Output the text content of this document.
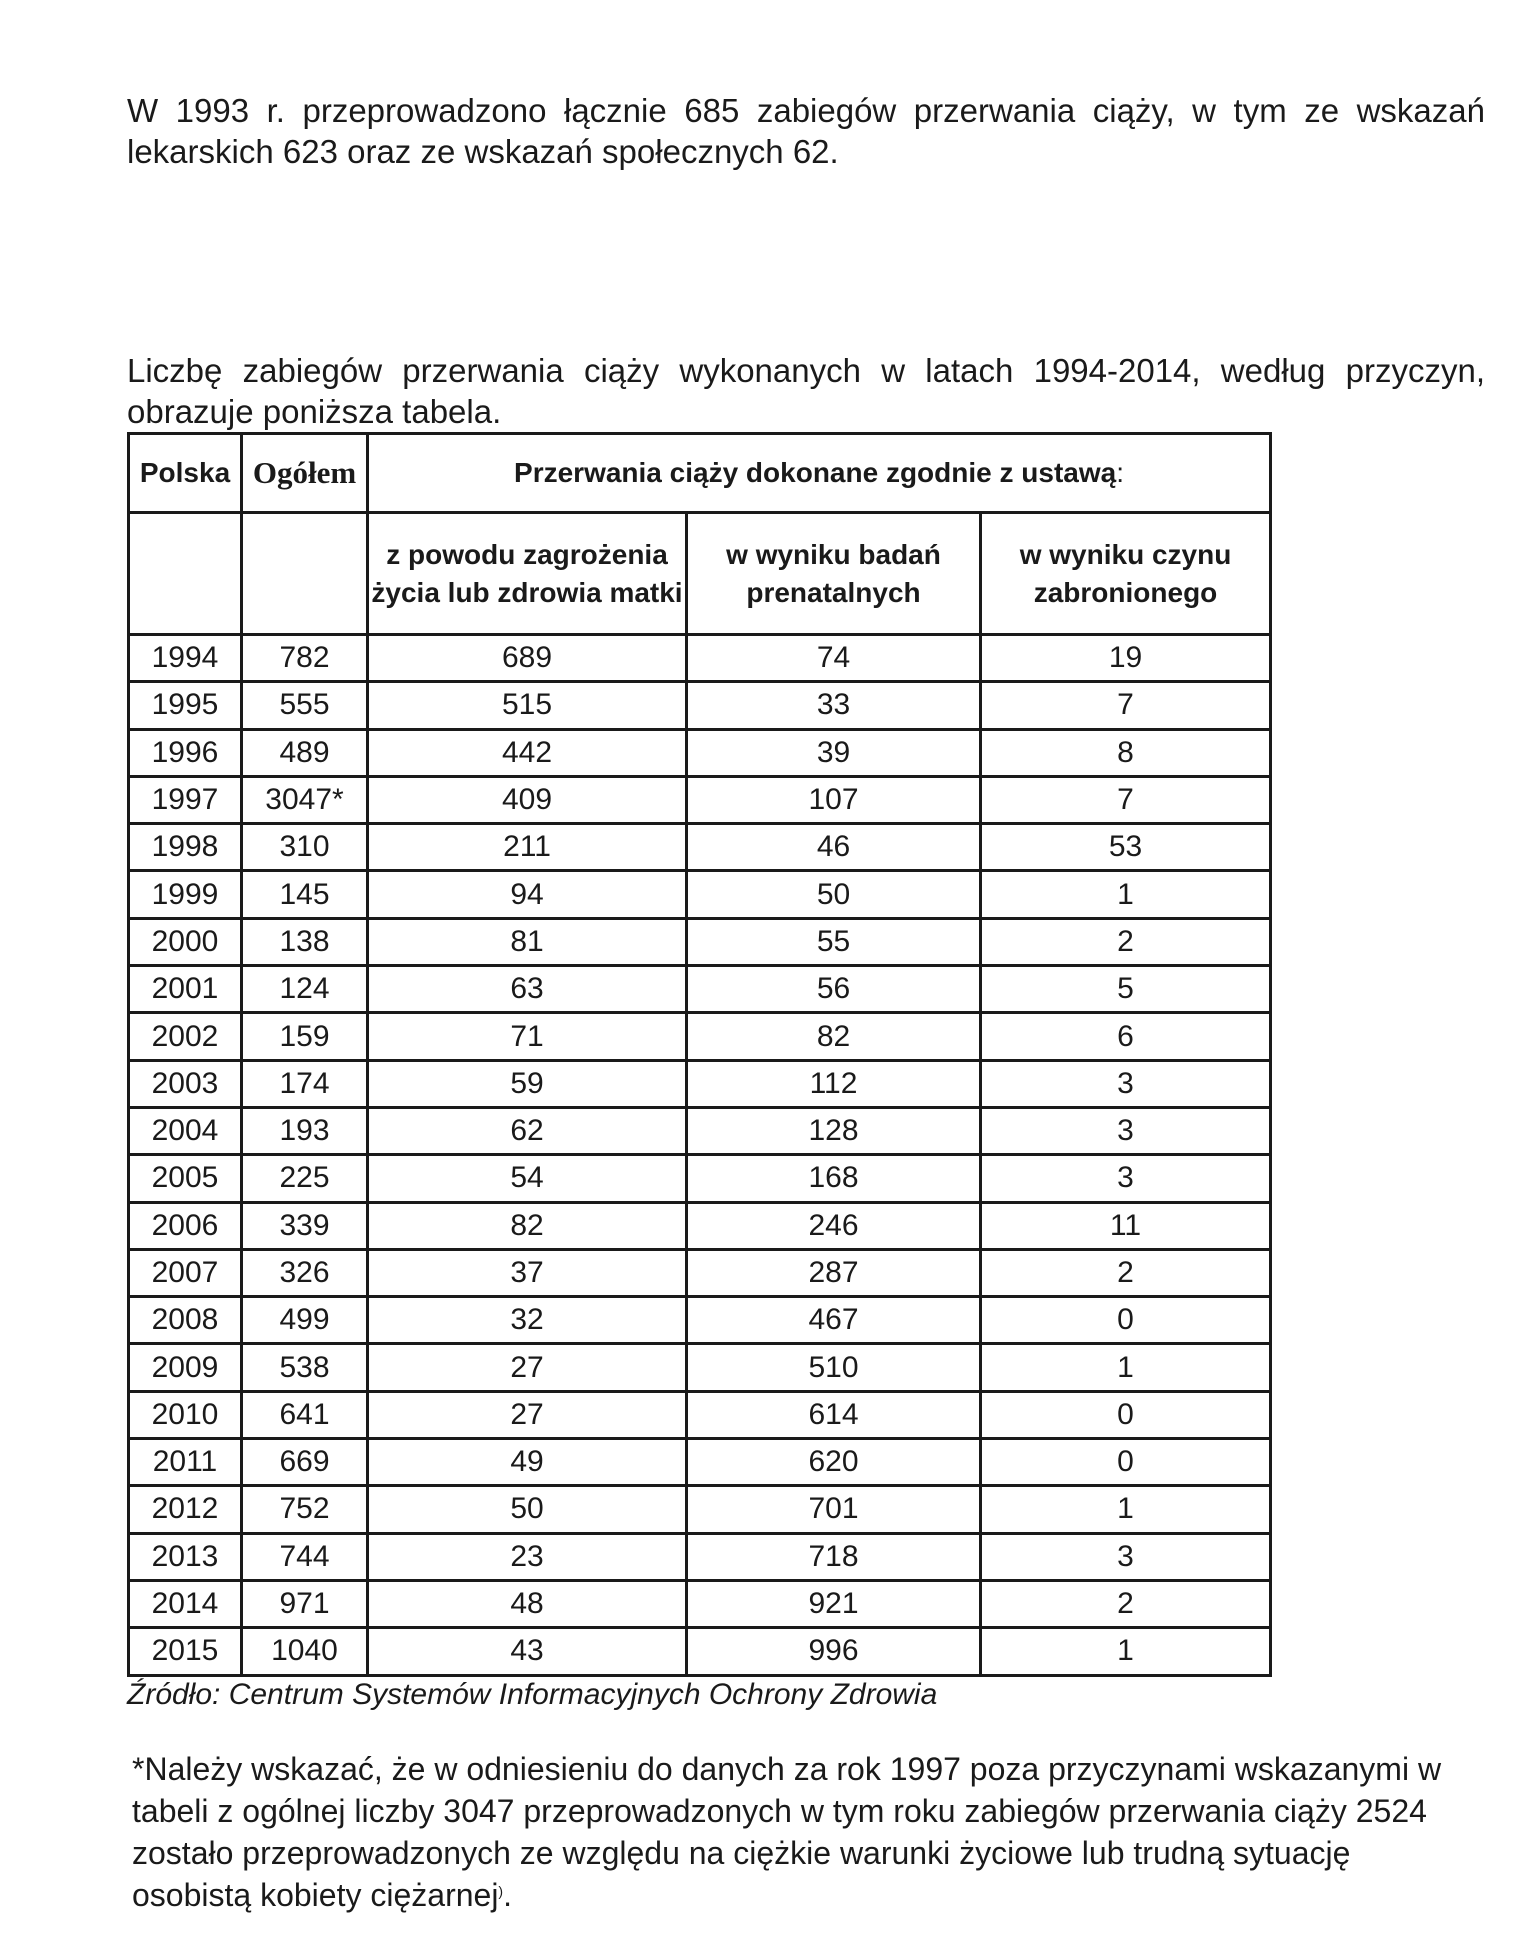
W 1993 r. przeprowadzono łącznie 685 zabiegów przerwania ciąży, w tym ze wskazań lekarskich 623 oraz ze wskazań społecznych 62.

Liczbę zabiegów przerwania ciąży wykonanych w latach 1994-2014, według przyczyn, obrazuje poniższa tabela.

Polska	Ogółem	Przerwania ciąży dokonane zgodnie z ustawą:		
		z powodu zagrożenia życia lub zdrowia matki	w wyniku badań prenatalnych	w wyniku czynu zabronionego
1994	782	689	74	19
1995	555	515	33	7
1996	489	442	39	8
1997	3047*	409	107	7
1998	310	211	46	53
1999	145	94	50	1
2000	138	81	55	2
2001	124	63	56	5
2002	159	71	82	6
2003	174	59	112	3
2004	193	62	128	3
2005	225	54	168	3
2006	339	82	246	11
2007	326	37	287	2
2008	499	32	467	0
2009	538	27	510	1
2010	641	27	614	0
2011	669	49	620	0
2012	752	50	701	1
2013	744	23	718	3
2014	971	48	921	2
2015	1040	43	996	1

Źródło: Centrum Systemów Informacyjnych Ochrony Zdrowia

*Należy wskazać, że w odniesieniu do danych za rok 1997 poza przyczynami wskazanymi w tabeli z ogólnej liczby 3047 przeprowadzonych w tym roku zabiegów przerwania ciąży 2524 zostało przeprowadzonych ze względu na ciężkie warunki życiowe lub trudną sytuację osobistą kobiety ciężarnej).
